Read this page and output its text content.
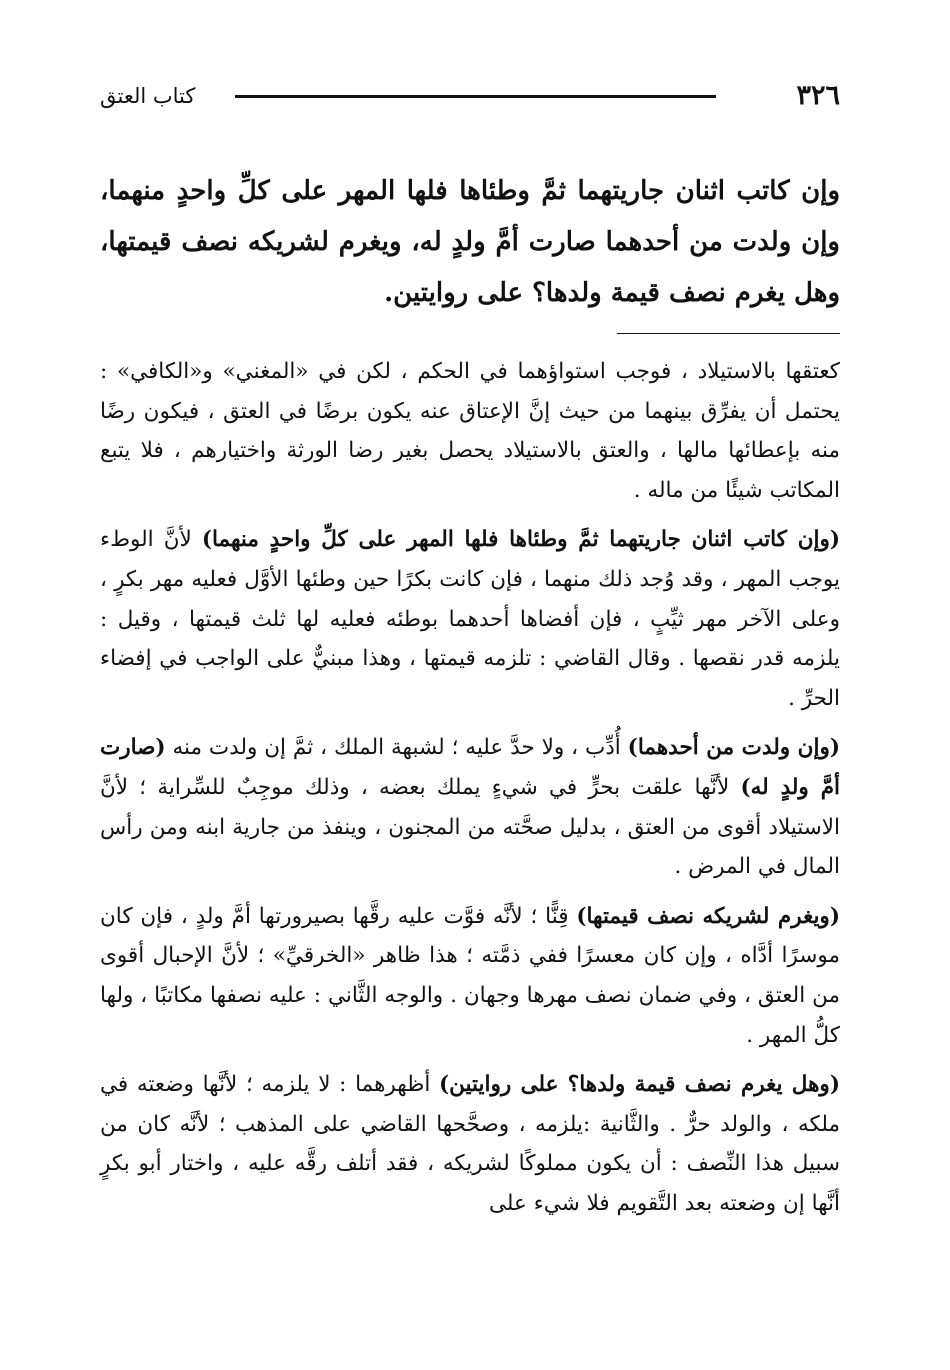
٣٢٦
كتاب العتق
وإن كاتب اثنان جاريتهما ثمَّ وطئاها فلها المهر على كلِّ واحدٍ منهما، وإن ولدت من أحدهما صارت أمَّ ولدٍ له، ويغرم لشريكه نصف قيمتها، وهل يغرم نصف قيمة ولدها؟ على روايتين.

كعتقها بالاستيلاد ، فوجب استواؤهما في الحكم ، لكن في «المغني» و«الكافي» : يحتمل أن يفرِّق بينهما من حيث إنَّ الإعتاق عنه يكون برضًا في العتق ، فيكون رضًا منه بإعطائها مالها ، والعتق بالاستيلاد يحصل بغير رضا الورثة واختيارهم ، فلا يتبع المكاتب شيئًا من ماله .

(وإن كاتب اثنان جاريتهما ثمَّ وطئاها فلها المهر على كلِّ واحدٍ منهما) لأنَّ الوطء يوجب المهر ، وقد وُجد ذلك منهما ، فإن كانت بكرًا حين وطئها الأوَّل فعليه مهر بكرٍ ، وعلى الآخر مهر ثيِّبٍ ، فإن أفضاها أحدهما بوطئه فعليه لها ثلث قيمتها ، وقيل : يلزمه قدر نقصها . وقال القاضي : تلزمه قيمتها ، وهذا مبنيٌّ على الواجب في إفضاء الحرِّ .

(وإن ولدت من أحدهما) أُدِّب ، ولا حدَّ عليه ؛ لشبهة الملك ، ثمَّ إن ولدت منه (صارت أمَّ ولدٍ له) لأنَّها علقت بحرٍّ في شيءٍ يملك بعضه ، وذلك موجِبٌ للسِّراية ؛ لأنَّ الاستيلاد أقوى من العتق ، بدليل صحَّته من المجنون ، وينفذ من جارية ابنه ومن رأس المال في المرض .

(ويغرم لشريكه نصف قيمتها) قِنًّا ؛ لأنَّه فوَّت عليه رقَّها بصيرورتها أمَّ ولدٍ ، فإن كان موسرًا أدَّاه ، وإن كان معسرًا ففي ذمَّته ؛ هذا ظاهر «الخرقيِّ» ؛ لأنَّ الإحبال أقوى من العتق ، وفي ضمان نصف مهرها وجهان . والوجه الثَّاني : عليه نصفها مكاتبًا ، ولها كلُّ المهر .

(وهل يغرم نصف قيمة ولدها؟ على روايتين) أظهرهما : لا يلزمه ؛ لأنَّها وضعته في ملكه ، والولد حرٌّ . والثَّانية :يلزمه ، وصحَّحها القاضي على المذهب ؛ لأنَّه كان من سبيل هذا النِّصف : أن يكون مملوكًا لشريكه ، فقد أتلف رقَّه عليه ، واختار أبو بكرٍ أنَّها إن وضعته بعد التَّقويم فلا شيء على
